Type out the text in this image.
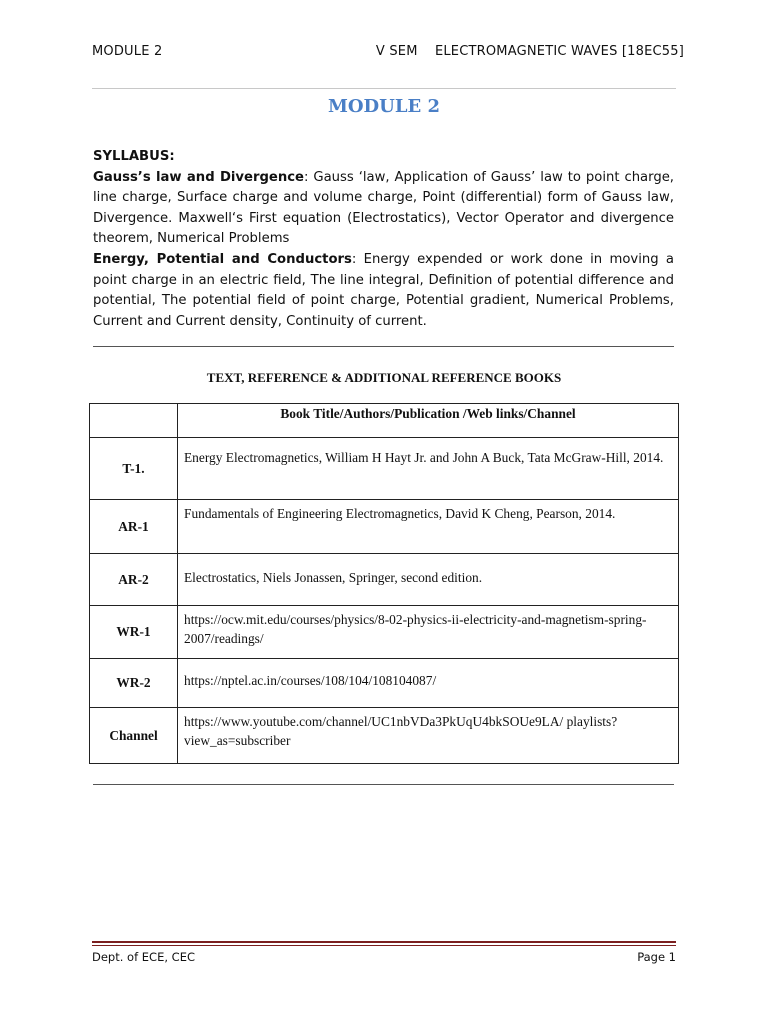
MODULE 2	V SEM    ELECTROMAGNETIC WAVES [18EC55]
MODULE 2

SYLLABUS:

Gauss’s law and Divergence: Gauss ‘law, Application of Gauss’ law to point charge, line charge, Surface charge and volume charge, Point (differential) form of Gauss law, Divergence. Maxwell‘s First equation (Electrostatics), Vector Operator and divergence theorem, Numerical Problems

Energy, Potential and Conductors: Energy expended or work done in moving a point charge in an electric field, The line integral, Definition of potential difference and potential, The potential field of point charge, Potential gradient, Numerical Problems, Current and Current density, Continuity of current.

TEXT, REFERENCE & ADDITIONAL REFERENCE BOOKS
	Book Title/Authors/Publication /Web links/Channel
T-1.	Energy Electromagnetics, William H Hayt Jr. and John A Buck, Tata McGraw-Hill, 2014.
AR-1	Fundamentals of Engineering Electromagnetics, David K Cheng, Pearson, 2014.
AR-2	Electrostatics, Niels Jonassen, Springer, second edition.
WR-1	https://ocw.mit.edu/courses/physics/8-02-physics-ii-electricity-and-magnetism-spring-2007/readings/
WR-2	https://nptel.ac.in/courses/108/104/108104087/
Channel	https://www.youtube.com/channel/UC1nbVDa3PkUqU4bkSOUe9LA/ playlists?view_as=subscriber
Dept. of ECE, CEC	Page 1
